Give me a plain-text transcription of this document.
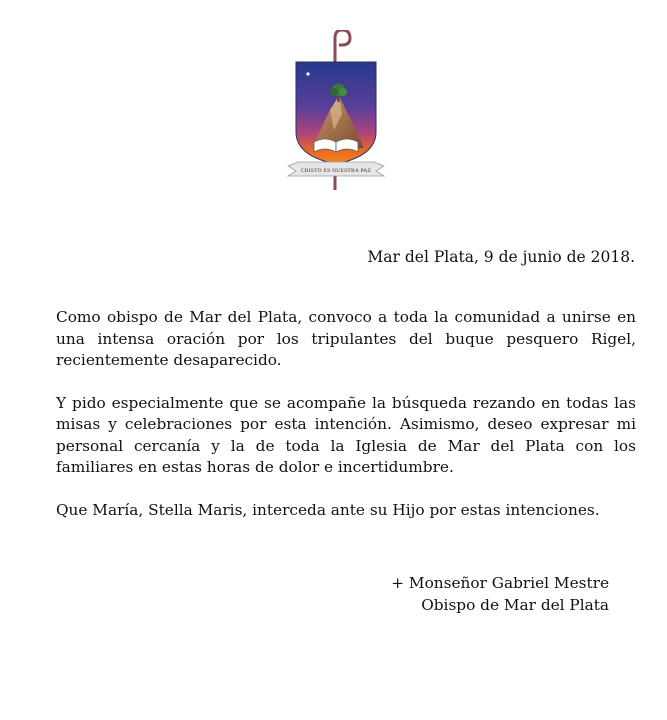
CRISTO ES NUESTRA PAZ

Mar del Plata, 9 de junio de 2018.

Como obispo de Mar del Plata, convoco a toda la comunidad a unirse en una intensa oración por los tripulantes del buque pesquero Rigel, recientemente desaparecido.

Y pido especialmente que se acompañe la búsqueda rezando en todas las misas y celebraciones por esta intención. Asimismo, deseo expresar mi personal cercanía y la de toda la Iglesia de Mar del Plata con los familiares en estas horas de dolor e incertidumbre.

Que María, Stella Maris, interceda ante su Hijo por estas intenciones.

+ Monseñor Gabriel Mestre

Obispo de Mar del Plata
